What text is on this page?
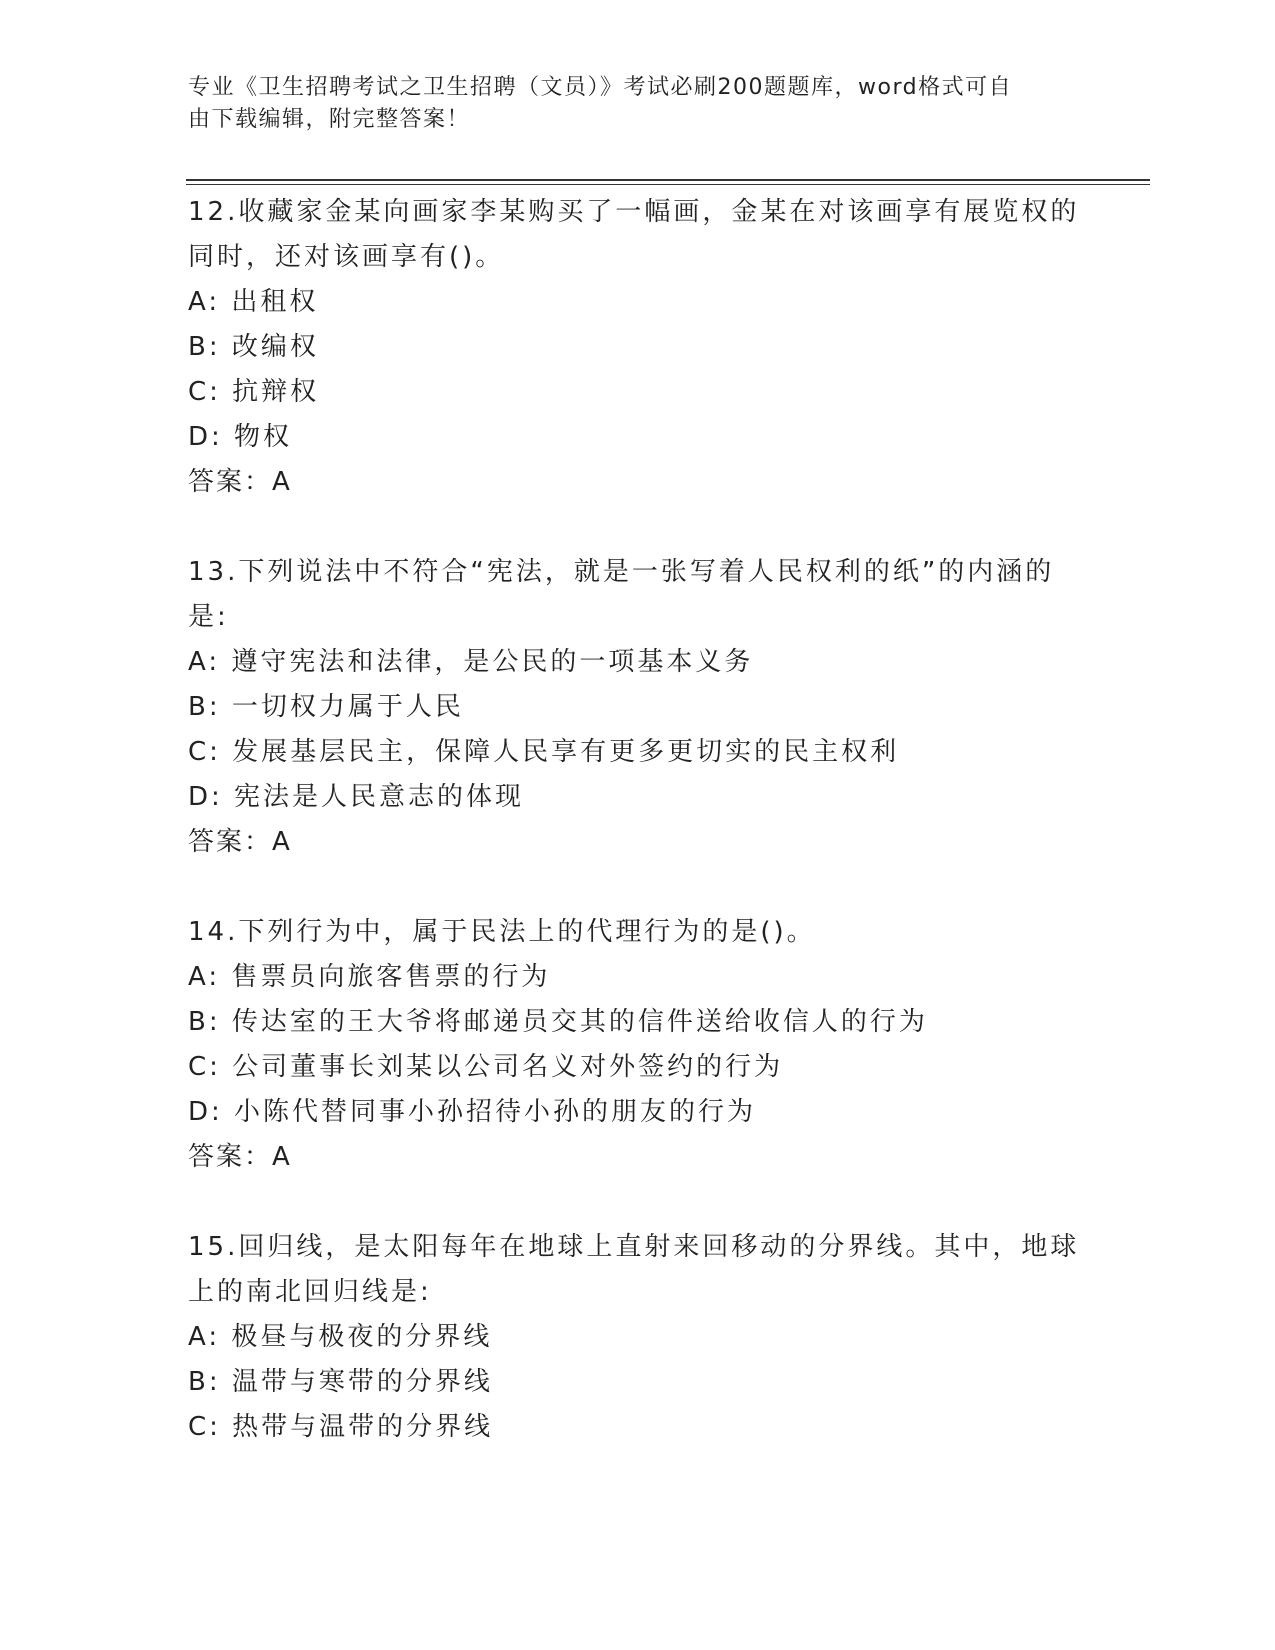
专业《卫生招聘考试之卫生招聘（文员）》考试必刷200题题库，word格式可自

由下载编辑，附完整答案！

12.收藏家金某向画家李某购买了一幅画，金某在对该画享有展览权的

同时，还对该画享有()。

A: 出租权

B: 改编权

C: 抗辩权

D: 物权

答案：A

13.下列说法中不符合“宪法，就是一张写着人民权利的纸”的内涵的

是:

A: 遵守宪法和法律，是公民的一项基本义务

B: 一切权力属于人民

C: 发展基层民主，保障人民享有更多更切实的民主权利

D: 宪法是人民意志的体现

答案：A

14.下列行为中，属于民法上的代理行为的是()。

A: 售票员向旅客售票的行为

B: 传达室的王大爷将邮递员交其的信件送给收信人的行为

C: 公司董事长刘某以公司名义对外签约的行为

D: 小陈代替同事小孙招待小孙的朋友的行为

答案：A

15.回归线，是太阳每年在地球上直射来回移动的分界线。其中，地球

上的南北回归线是:

A: 极昼与极夜的分界线

B: 温带与寒带的分界线

C: 热带与温带的分界线
